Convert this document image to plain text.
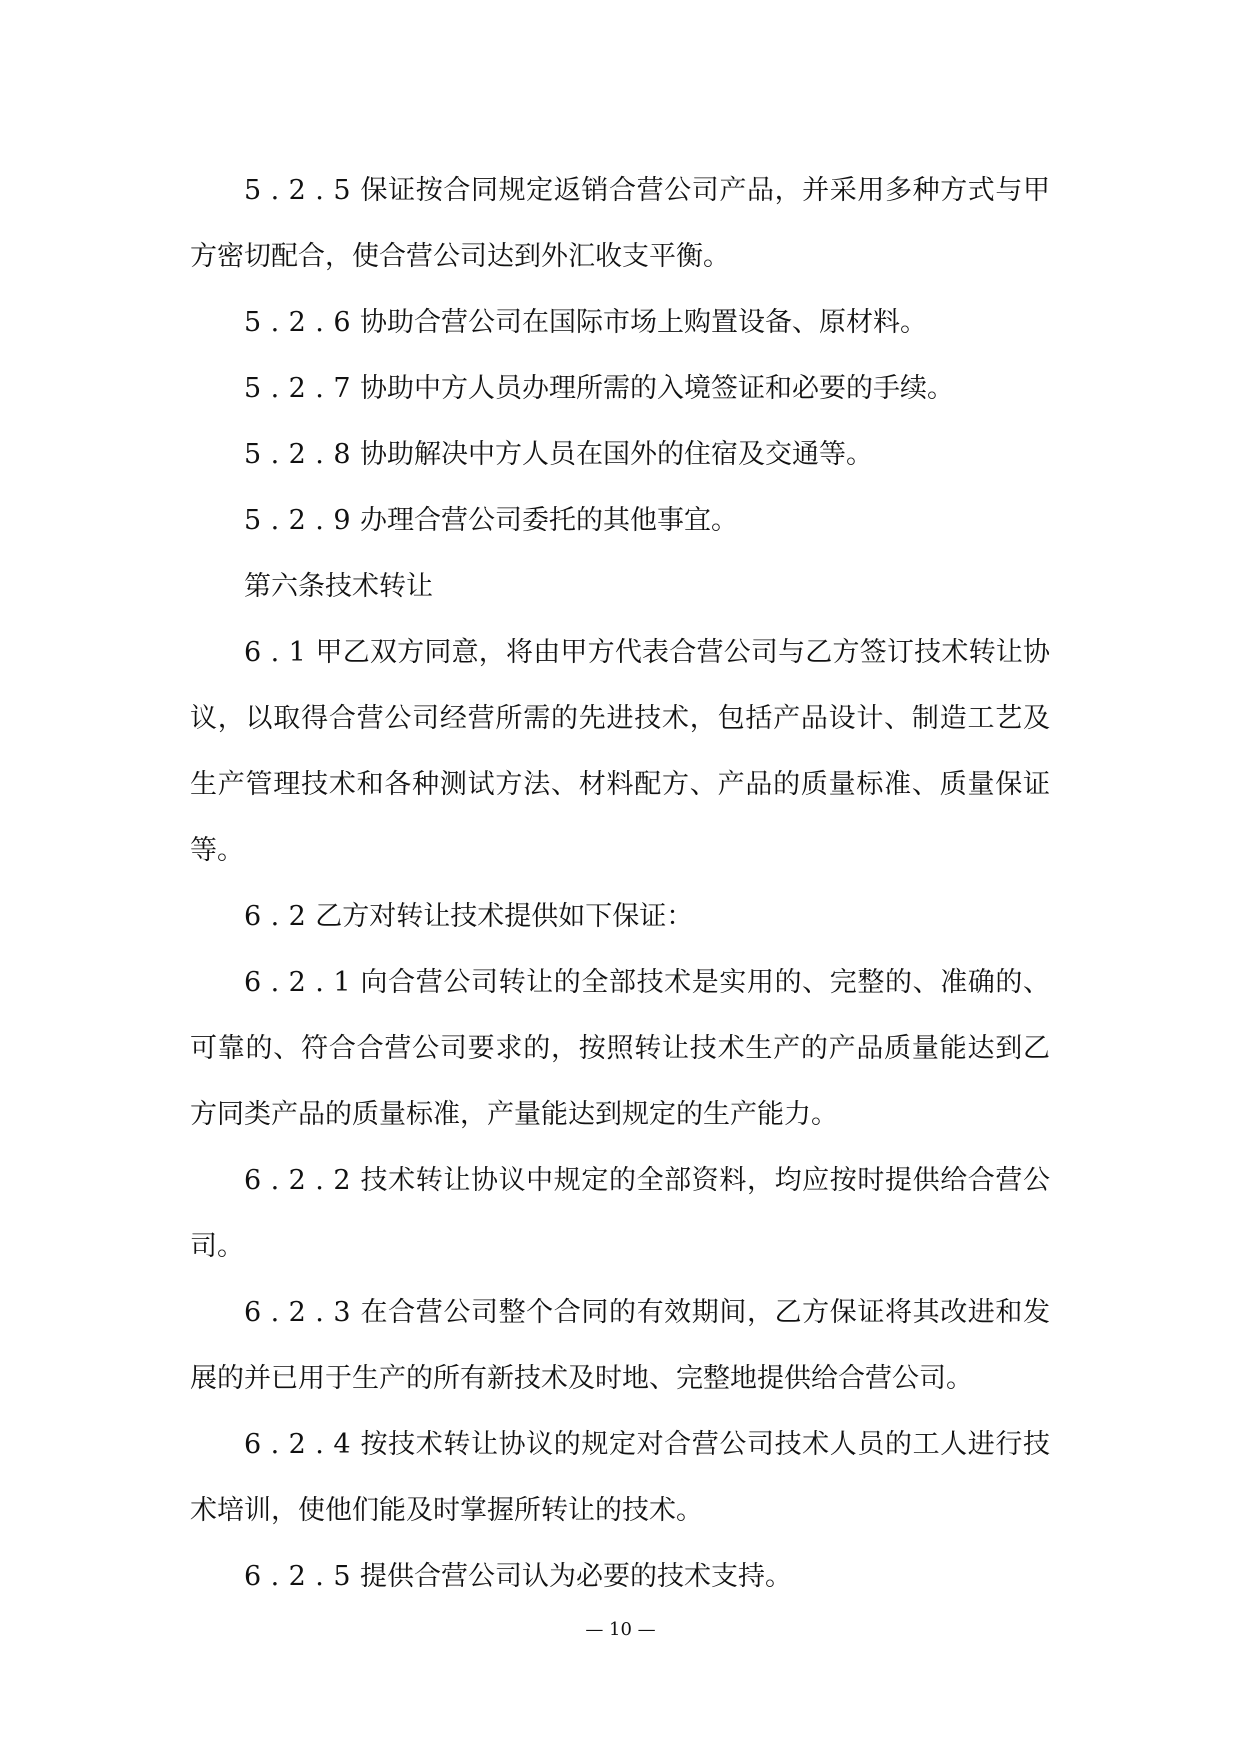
5.2.5保证按合同规定返销合营公司产品，并采用多种方式与甲方密切配合，使合营公司达到外汇收支平衡。

5.2.6协助合营公司在国际市场上购置设备、原材料。

5.2.7协助中方人员办理所需的入境签证和必要的手续。

5.2.8协助解决中方人员在国外的住宿及交通等。

5.2.9办理合营公司委托的其他事宜。

第六条技术转让

6.1甲乙双方同意，将由甲方代表合营公司与乙方签订技术转让协议，以取得合营公司经营所需的先进技术，包括产品设计、制造工艺及生产管理技术和各种测试方法、材料配方、产品的质量标准、质量保证等。

6.2乙方对转让技术提供如下保证：

6.2.1向合营公司转让的全部技术是实用的、完整的、准确的、可靠的、符合合营公司要求的，按照转让技术生产的产品质量能达到乙方同类产品的质量标准，产量能达到规定的生产能力。

6.2.2技术转让协议中规定的全部资料，均应按时提供给合营公司。

6.2.3在合营公司整个合同的有效期间，乙方保证将其改进和发展的并已用于生产的所有新技术及时地、完整地提供给合营公司。

6.2.4按技术转让协议的规定对合营公司技术人员的工人进行技术培训，使他们能及时掌握所转让的技术。

6.2.5提供合营公司认为必要的技术支持。

— 10 —
